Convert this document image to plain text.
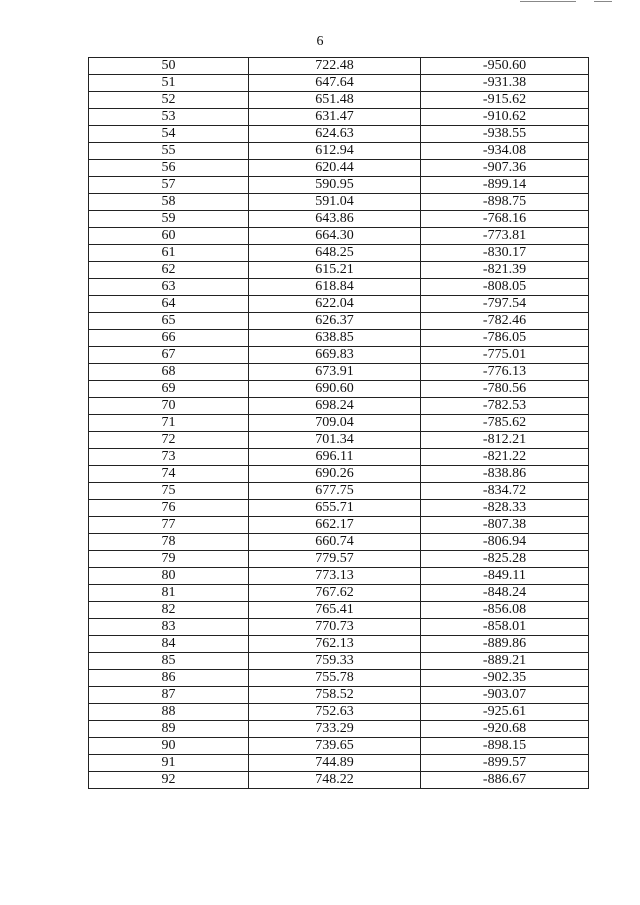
6
50	722.48	-950.60
51	647.64	-931.38
52	651.48	-915.62
53	631.47	-910.62
54	624.63	-938.55
55	612.94	-934.08
56	620.44	-907.36
57	590.95	-899.14
58	591.04	-898.75
59	643.86	-768.16
60	664.30	-773.81
61	648.25	-830.17
62	615.21	-821.39
63	618.84	-808.05
64	622.04	-797.54
65	626.37	-782.46
66	638.85	-786.05
67	669.83	-775.01
68	673.91	-776.13
69	690.60	-780.56
70	698.24	-782.53
71	709.04	-785.62
72	701.34	-812.21
73	696.11	-821.22
74	690.26	-838.86
75	677.75	-834.72
76	655.71	-828.33
77	662.17	-807.38
78	660.74	-806.94
79	779.57	-825.28
80	773.13	-849.11
81	767.62	-848.24
82	765.41	-856.08
83	770.73	-858.01
84	762.13	-889.86
85	759.33	-889.21
86	755.78	-902.35
87	758.52	-903.07
88	752.63	-925.61
89	733.29	-920.68
90	739.65	-898.15
91	744.89	-899.57
92	748.22	-886.67
